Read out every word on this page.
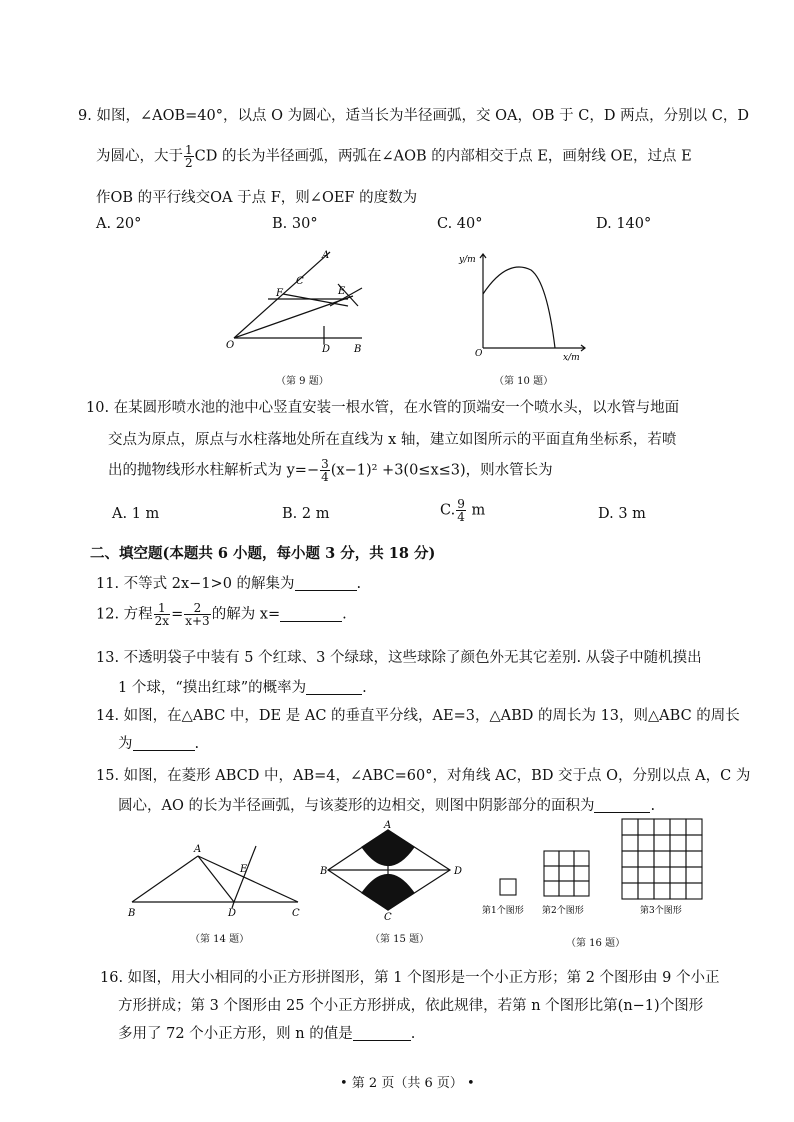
9. 如图，∠AOB=40°，以点 O 为圆心，适当长为半径画弧，交 OA，OB 于 C，D 两点，分别以 C，D
为圆心，大于 $\frac{1}{2}$ CD 的长为半径画弧，两弧在∠AOB 的内部相交于点 E，画射线 OE，过点 E
作OB 的平行线交OA 于点 F，则∠OEF 的度数为
A. 20°	B. 30°	C. 40°	D. 140°
A
C
F	E
O	D B
（第 9 题）
y/m
x/m
O
（第 10 题）
10. 在某圆形喷水池的池中心竖直安装一根水管，在水管的顶端安一个喷水头，以水管与地面
交点为原点，原点与水柱落地处所在直线为 x 轴，建立如图所示的平面直角坐标系，若喷
出的抛物线形水柱解析式为 $y=- \frac{3}{4} (x-1)^2 +3(0\le x\le 3)$，则水管长为
A. 1 m	B. 2 m	C. $\frac{9}{4}$ m	D. 3 m
二、填空题(本题共 6 小题，每小题 3 分，共 18 分)
11. 不等式 2x−1>0 的解集为	.
12. 方程 $\frac{1}{2x} = \frac{2}{x+3}$ 的解为 x=	.
13. 不透明袋子中装有 5 个红球、3 个绿球，这些球除了颜色外无其它差别. 从袋子中随机摸出
1 个球，“摸出红球”的概率为	.
14. 如图，在△ABC 中，DE 是 AC 的垂直平分线，AE=3，△ABD 的周长为 13，则△ABC 的周长
为	.
15. 如图，在菱形 ABCD 中，AB=4，∠ABC=60°，对角线 AC，BD 交于点 O，分别以点 A，C 为
圆心，AO 的长为半径画弧，与该菱形的边相交，则图中阴影部分的面积为	.
A
E
B	D	C
（第 14 题）
A
B
C
D
（第 15 题）
第1个图形 第2个图形	第3个图形
（第 16 题）
16. 如图，用大小相同的小正方形拼图形，第 1 个图形是一个小正方形；第 2 个图形由 9 个小正
方形拼成；第 3 个图形由 25 个小正方形拼成，依此规律，若第 n 个图形比第(n−1)个图形
多用了 72 个小正方形，则 n 的值是	.
• 第 2 页（共 6 页） •
